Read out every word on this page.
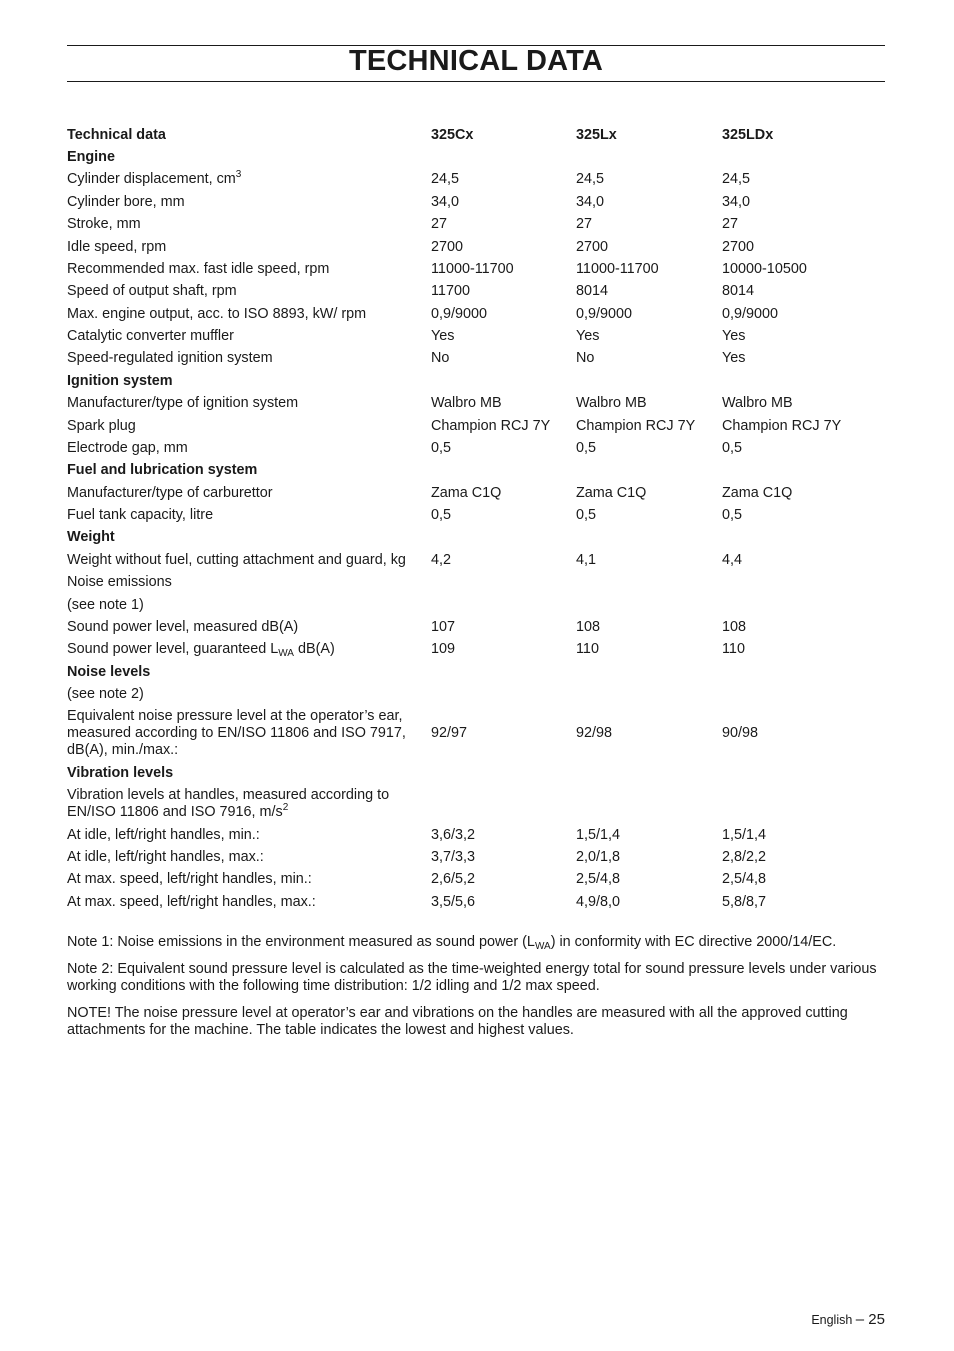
TECHNICAL DATA
Technical data	325Cx	325Lx	325LDx
Engine			
Cylinder displacement, $cm^3$	24,5	24,5	24,5
Cylinder bore, mm	34,0	34,0	34,0
Stroke, mm	27	27	27
Idle speed, rpm	2700	2700	2700
Recommended max. fast idle speed, rpm	11000-11700	11000-11700	10000-10500
Speed of output shaft, rpm	11700	8014	8014
Max. engine output, acc. to ISO 8893, kW/ rpm	0,9/9000	0,9/9000	0,9/9000
Catalytic converter muffler	Yes	Yes	Yes
Speed-regulated ignition system	No	No	Yes
Ignition system			
Manufacturer/type of ignition system	Walbro MB	Walbro MB	Walbro MB
Spark plug	Champion RCJ 7Y	Champion RCJ 7Y	Champion RCJ 7Y
Electrode gap, mm	0,5	0,5	0,5
Fuel and lubrication system			
Manufacturer/type of carburettor	Zama C1Q	Zama C1Q	Zama C1Q
Fuel tank capacity, litre	0,5	0,5	0,5
Weight			
Weight without fuel, cutting attachment and guard, kg	4,2	4,1	4,4
Noise emissions			
(see note 1)			
Sound power level, measured dB(A)	107	108	108
Sound power level, guaranteed $L_{WA}$ dB(A)	109	110	110
Noise levels			
(see note 2)			
Equivalent noise pressure level at the operator’s ear, measured according to EN/ISO 11806 and ISO 7917, dB(A), min./max.:	92/97	92/98	90/98
Vibration levels			
Vibration levels at handles, measured according to EN/ISO 11806 and ISO 7916, $m/s^2$			
At idle, left/right handles, min.:	3,6/3,2	1,5/1,4	1,5/1,4
At idle, left/right handles, max.:	3,7/3,3	2,0/1,8	2,8/2,2
At max. speed, left/right handles, min.:	2,6/5,2	2,5/4,8	2,5/4,8
At max. speed, left/right handles, max.:	3,5/5,6	4,9/8,0	5,8/8,7

Note 1: Noise emissions in the environment measured as sound power $(L_{WA})$ in conformity with EC directive 2000/14/EC.

Note 2: Equivalent sound pressure level is calculated as the time-weighted energy total for sound pressure levels under various working conditions with the following time distribution: 1/2 idling and 1/2 max speed.

NOTE! The noise pressure level at operator’s ear and vibrations on the handles are measured with all the approved cutting attachments for the machine. The table indicates the lowest and highest values.

English – 25
